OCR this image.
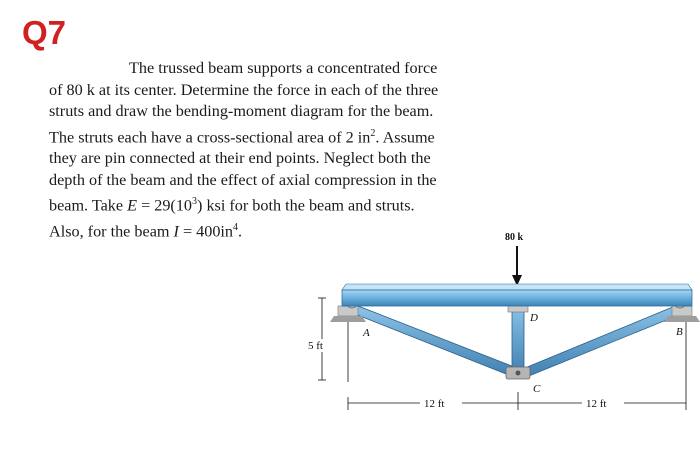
Q7

The trussed beam supports a concentrated force

of 80 k at its center. Determine the force in each of the three

struts and draw the bending-moment diagram for the beam.

The struts each have a cross-sectional area of 2 $in^2$. Assume

they are pin connected at their end points. Neglect both the

depth of the beam and the effect of axial compression in the

beam. Take $E = 29(10^3)$ ksi for both the beam and struts.

Also, for the beam $I = 400in^4$.	80 k
A	B
C
D
5 ft
12 ft	12 ft
